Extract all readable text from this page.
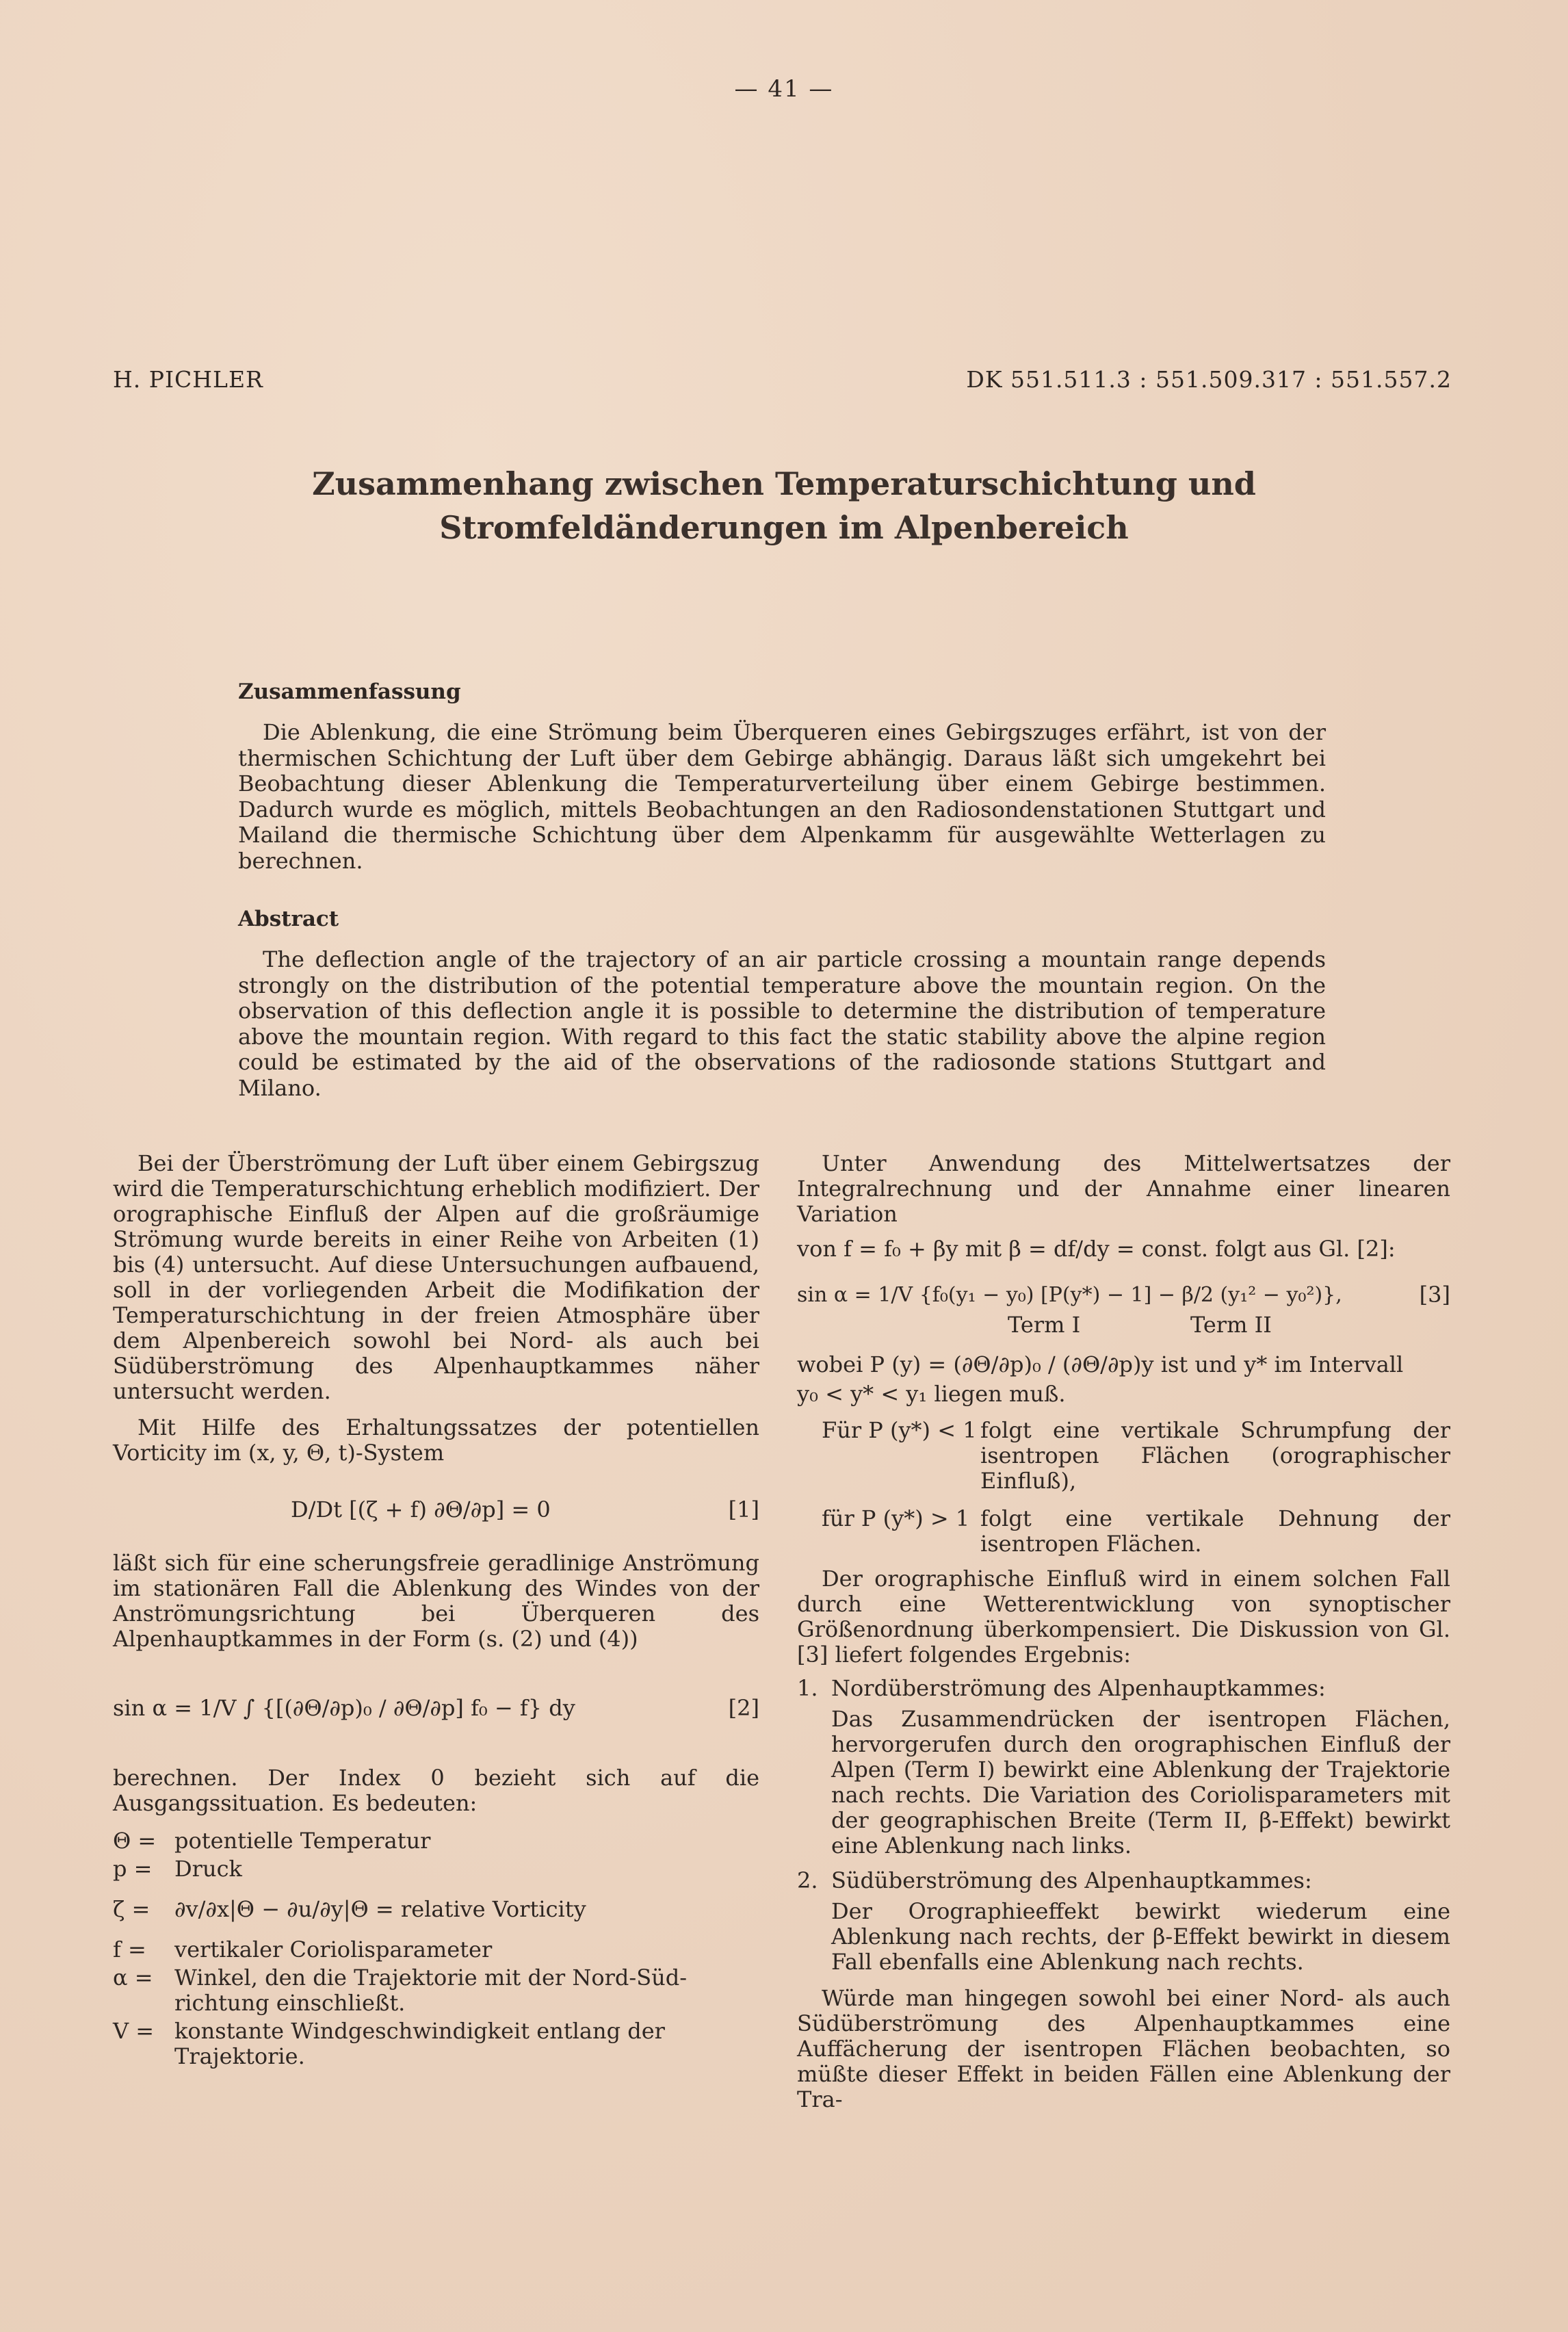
— 41 —
H. PICHLER	DK 551.511.3 : 551.509.317 : 551.557.2
Zusammenhang zwischen Temperaturschichtung und
Stromfeldänderungen im Alpenbereich
Zusammenfassung

Die Ablenkung, die eine Strömung beim Überqueren eines Gebirgszuges erfährt, ist von der thermischen Schichtung der Luft über dem Gebirge abhängig. Daraus läßt sich umgekehrt bei Beobachtung dieser Ablenkung die Temperaturverteilung über einem Gebirge bestimmen. Dadurch wurde es möglich, mittels Beobachtungen an den Radiosondenstationen Stuttgart und Mailand die thermische Schichtung über dem Alpenkamm für ausgewählte Wetterlagen zu berechnen.

Abstract

The deflection angle of the trajectory of an air particle crossing a mountain range depends strongly on the distribution of the potential temperature above the mountain region. On the observation of this deflection angle it is possible to determine the distribution of temperature above the mountain region. With regard to this fact the static stability above the alpine region could be estimated by the aid of the observations of the radiosonde stations Stuttgart and Milano.

Bei der Überströmung der Luft über einem Gebirgszug wird die Temperaturschichtung erheblich modifiziert. Der orographische Einfluß der Alpen auf die großräumige Strömung wurde bereits in einer Reihe von Arbeiten (1) bis (4) untersucht. Auf diese Untersuchungen aufbauend, soll in der vorliegenden Arbeit die Modifikation der Temperaturschichtung in der freien Atmosphäre über dem Alpenbereich sowohl bei Nord- als auch bei Südüberströmung des Alpenhauptkammes näher untersucht werden.

Mit Hilfe des Erhaltungssatzes der potentiellen Vorticity im (x, y, Θ, t)-System

D/Dt [(ζ + f) ∂Θ/∂p] = 0	[1]

läßt sich für eine scherungsfreie geradlinige Anströmung im stationären Fall die Ablenkung des Windes von der Anströmungsrichtung bei Überqueren des Alpenhauptkammes in der Form (s. (2) und (4))

sin α = 1/V ∫ {[(∂Θ/∂p)₀ / ∂Θ/∂p] f₀ − f} dy	[2]

berechnen. Der Index 0 bezieht sich auf die Ausgangssituation. Es bedeuten:

Θ = potentielle Temperatur
p =	Druck
ζ =	∂v/∂x|Θ − ∂u/∂y|Θ = relative Vorticity
f =	vertikaler Coriolisparameter
α = Winkel, den die Trajektorie mit der Nord-Süd-richtung einschließt.
V = konstante Windgeschwindigkeit entlang der Trajektorie.

Unter Anwendung des Mittelwertsatzes der Integralrechnung und der Annahme einer linearen Variation

von f = f₀ + βy mit β = df/dy = const. folgt aus Gl. [2]:

sin α = 1/V {f₀(y₁ − y₀) [P(y*) − 1] − β/2 (y₁² − y₀²)},	[3]
Term I	Term II

wobei P (y) = (∂Θ/∂p)₀ / (∂Θ/∂p)y ist und y* im Intervall

y₀ < y* < y₁ liegen muß.

Für P (y*) < 1 folgt eine vertikale Schrumpfung der isentropen Flächen (orographischer Einfluß),
für P (y*) > 1 folgt eine vertikale Dehnung der isentropen Flächen.

Der orographische Einfluß wird in einem solchen Fall durch eine Wetterentwicklung von synoptischer Größenordnung überkompensiert. Die Diskussion von Gl. [3] liefert folgendes Ergebnis:

1. Nordüberströmung des Alpenhauptkammes:

Das Zusammendrücken der isentropen Flächen, hervorgerufen durch den orographischen Einfluß der Alpen (Term I) bewirkt eine Ablenkung der Trajektorie nach rechts. Die Variation des Coriolisparameters mit der geographischen Breite (Term II, β-Effekt) bewirkt eine Ablenkung nach links.

2. Südüberströmung des Alpenhauptkammes:

Der Orographieeffekt bewirkt wiederum eine Ablenkung nach rechts, der β-Effekt bewirkt in diesem Fall ebenfalls eine Ablenkung nach rechts.

Würde man hingegen sowohl bei einer Nord- als auch Südüberströmung des Alpenhauptkammes eine Auffächerung der isentropen Flächen beobachten, so müßte dieser Effekt in beiden Fällen eine Ablenkung der Tra-
